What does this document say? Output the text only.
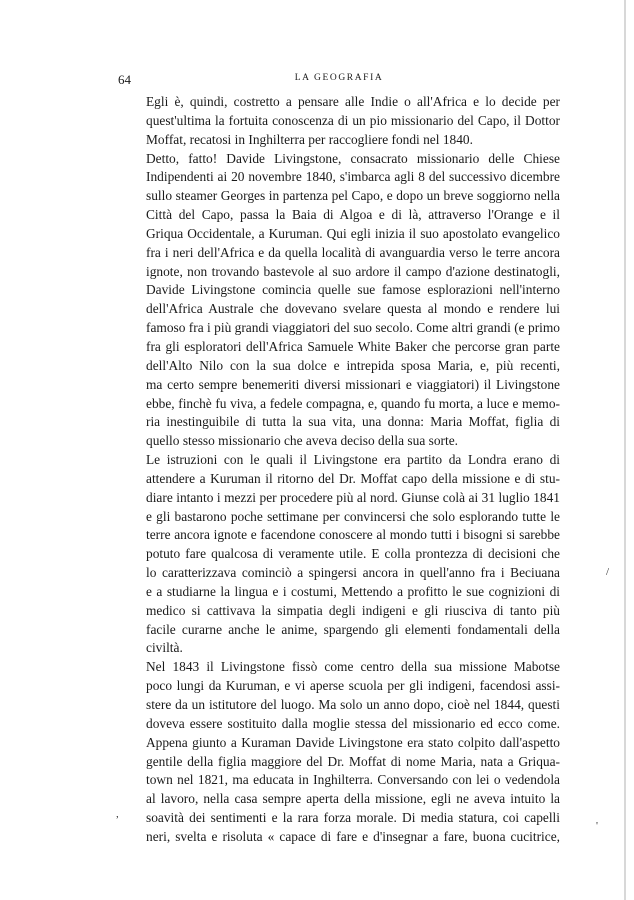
64	LA GEOGRAFIA

Egli è, quindi, costretto a pensare alle Indie o all'Africa e lo decide per
quest'ultima la fortuita conoscenza di un pio missionario del Capo, il Dottor
Moffat, recatosi in Inghilterra per raccogliere fondi nel 1840.

Detto, fatto! Davide Livingstone, consacrato missionario delle Chiese
Indipendenti ai 20 novembre 1840, s'imbarca agli 8 del successivo dicembre
sullo steamer Georges in partenza pel Capo, e dopo un breve soggiorno nella
Città del Capo, passa la Baia di Algoa e di là, attraverso l'Orange e il
Griqua Occidentale, a Kuruman. Qui egli inizia il suo apostolato evangelico
fra i neri dell'Africa e da quella località di avanguardia verso le terre ancora
ignote, non trovando bastevole al suo ardore il campo d'azione destinatogli,
Davide Livingstone comincia quelle sue famose esplorazioni nell'interno
dell'Africa Australe che dovevano svelare questa al mondo e rendere lui
famoso fra i più grandi viaggiatori del suo secolo. Come altri grandi (e primo
fra gli esploratori dell'Africa Samuele White Baker che percorse gran parte
dell'Alto Nilo con la sua dolce e intrepida sposa Maria, e, più recenti,
ma certo sempre benemeriti diversi missionari e viaggiatori) il Livingstone
ebbe, finchè fu viva, a fedele compagna, e, quando fu morta, a luce e memo-
ria inestinguibile di tutta la sua vita, una donna: Maria Moffat, figlia di
quello stesso missionario che aveva deciso della sua sorte.

Le istruzioni con le quali il Livingstone era partito da Londra erano di
attendere a Kuruman il ritorno del Dr. Moffat capo della missione e di stu-
diare intanto i mezzi per procedere più al nord. Giunse colà ai 31 luglio 1841
e gli bastarono poche settimane per convincersi che solo esplorando tutte le
terre ancora ignote e facendone conoscere al mondo tutti i bisogni si sarebbe
potuto fare qualcosa di veramente utile. E colla prontezza di decisioni che
lo caratterizzava cominciò a spingersi ancora in quell'anno fra i Beciuana
e a studiarne la lingua e i costumi, Mettendo a profitto le sue cognizioni di
medico si cattivava la simpatia degli indigeni e gli riusciva di tanto più
facile curarne anche le anime, spargendo gli elementi fondamentali della
civiltà.

Nel 1843 il Livingstone fissò come centro della sua missione Mabotse
poco lungi da Kuruman, e vi aperse scuola per gli indigeni, facendosi assi-
stere da un istitutore del luogo. Ma solo un anno dopo, cioè nel 1844, questi
doveva essere sostituito dalla moglie stessa del missionario ed ecco come.
Appena giunto a Kuraman Davide Livingstone era stato colpito dall'aspetto
gentile della figlia maggiore del Dr. Moffat di nome Maria, nata a Griqua-
town nel 1821, ma educata in Inghilterra. Conversando con lei o vedendola
al lavoro, nella casa sempre aperta della missione, egli ne aveva intuito la
soavità dei sentimenti e la rara forza morale. Di media statura, coi capelli
neri, svelta e risoluta « capace di fare e d'insegnar a fare, buona cucitrice,

/
,
'
